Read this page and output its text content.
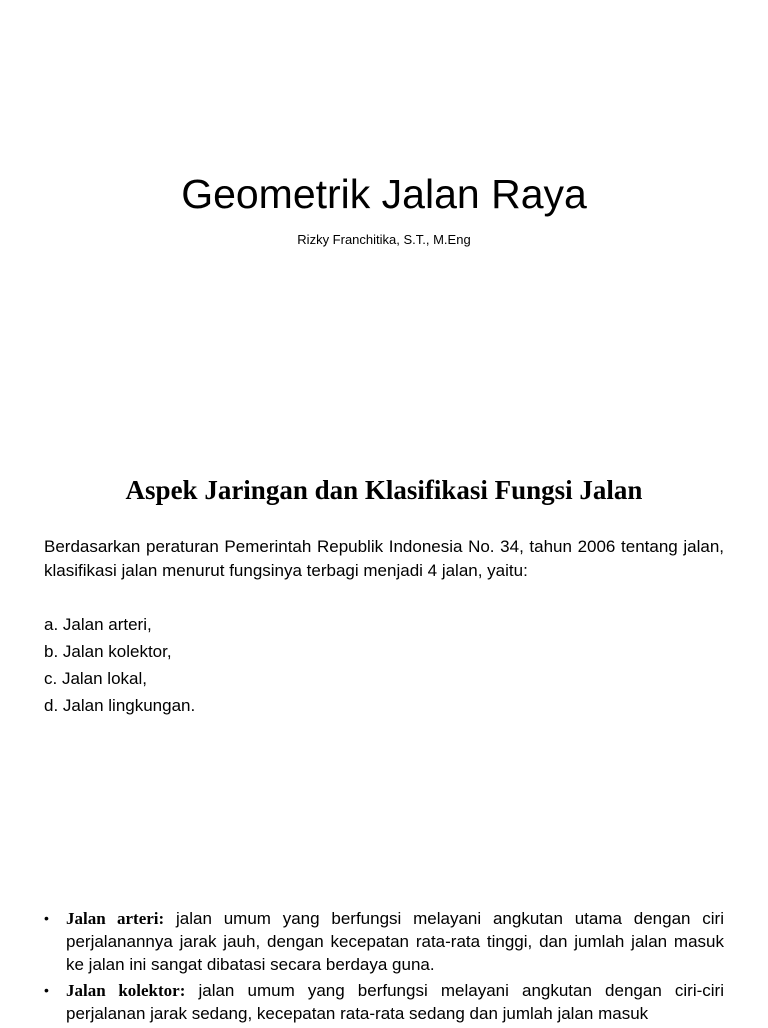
Geometrik Jalan Raya
Rizky Franchitika, S.T., M.Eng
Aspek Jaringan dan Klasifikasi Fungsi Jalan

Berdasarkan peraturan Pemerintah Republik Indonesia No. 34, tahun 2006 tentang jalan, klasifikasi jalan menurut fungsinya terbagi menjadi 4 jalan, yaitu:

a. Jalan arteri,
b. Jalan kolektor,
c. Jalan lokal,
d. Jalan lingkungan.
• Jalan arteri: jalan umum yang berfungsi melayani angkutan utama dengan ciri perjalanannya jarak jauh, dengan kecepatan rata-rata tinggi, dan jumlah jalan masuk ke jalan ini sangat dibatasi secara berdaya guna.
• Jalan kolektor: jalan umum yang berfungsi melayani angkutan dengan ciri-ciri perjalanan jarak sedang, kecepatan rata-rata sedang dan jumlah jalan masuk
